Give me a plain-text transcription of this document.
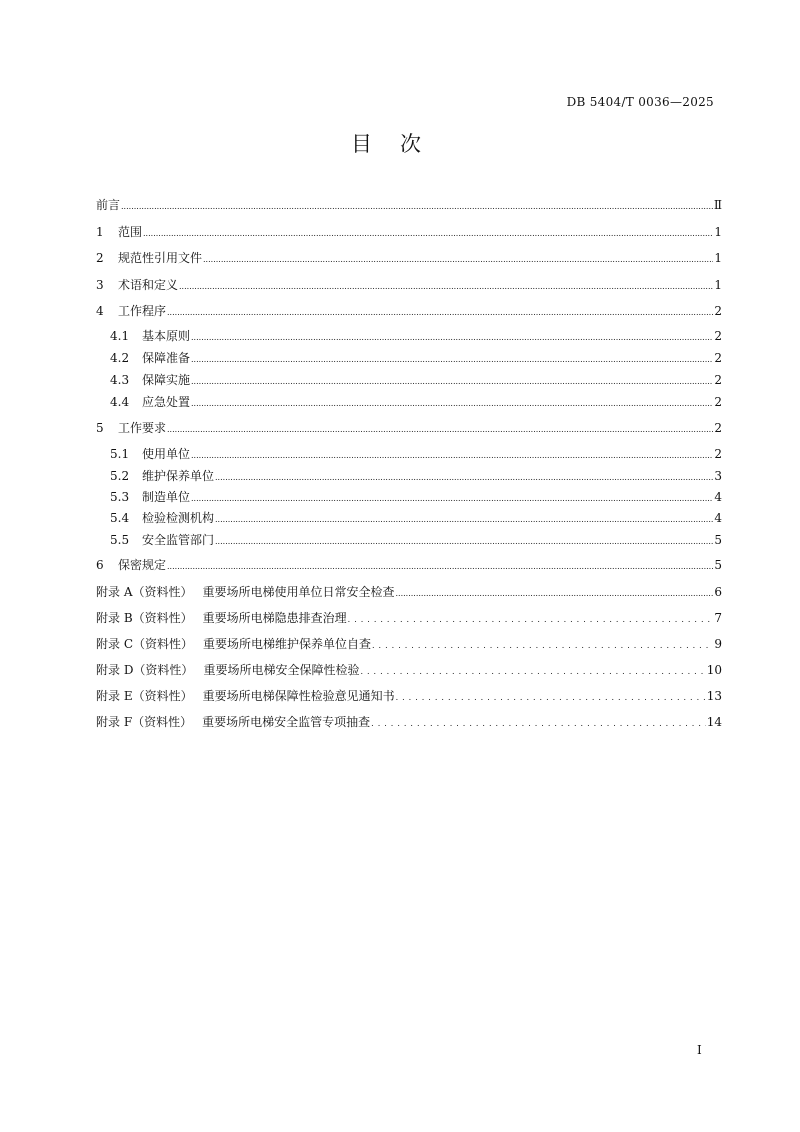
DB 5404/T 0036—2025
目次
前言 .....	Ⅱ
1	范围 .....	1
2	规范性引用文件 .....	1
3	术语和定义 .....	1
4	工作程序 .....	2
4.1	基本原则 .....	2
4.2	保障准备 .....	2
4.3	保障实施 .....	2
4.4	应急处置 .....	2
5	工作要求 .....	2
5.1	使用单位 .....	2
5.2	维护保养单位 .....	3
5.3	制造单位 .....	4
5.4	检验检测机构 .....	4
5.5	安全监管部门 .....	5
6	保密规定 .....	5
附录 A（资料性） 重要场所电梯使用单位日常安全检查 .....	6
附录 B（资料性） 重要场所电梯隐患排查治理 .....	7
附录 C（资料性） 重要场所电梯维护保养单位自查 .....	9
附录 D（资料性） 重要场所电梯安全保障性检验 .....	10
附录 E（资料性） 重要场所电梯保障性检验意见通知书 .....	13
附录 F（资料性） 重要场所电梯安全监管专项抽查 .....	14
I
